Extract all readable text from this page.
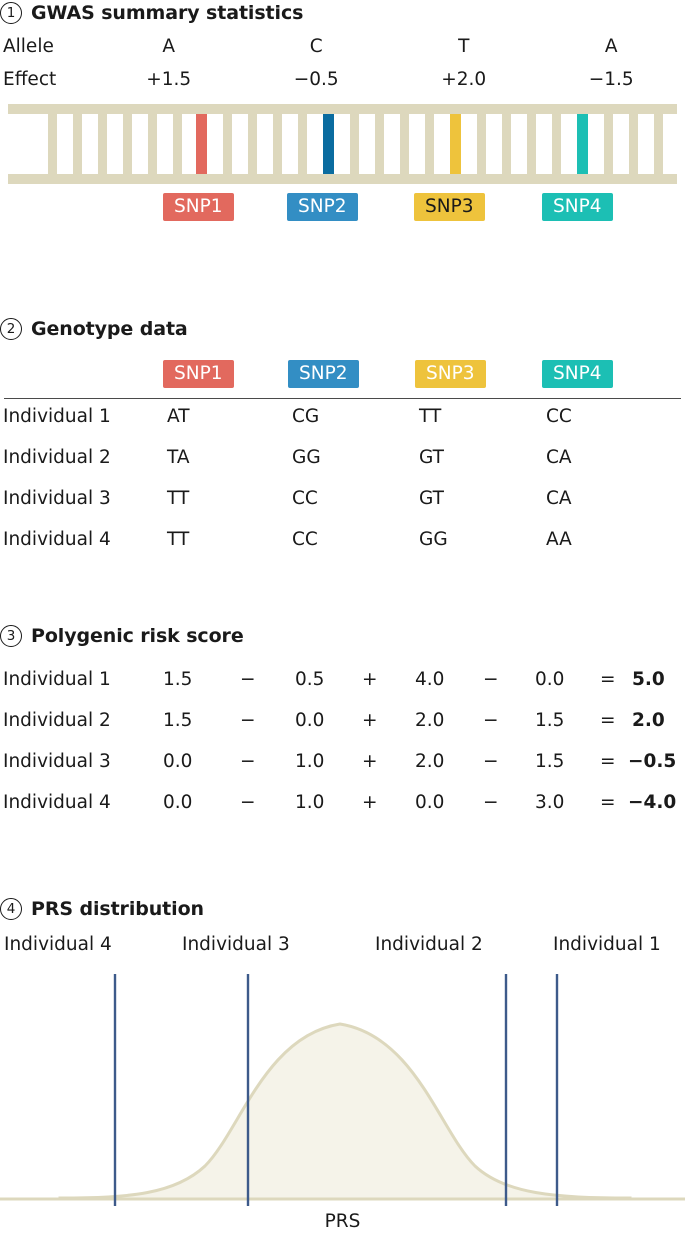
1 GWAS summary statistics
Allele	A	C	T	A
Effect	+1.5	−0.5	+2.0	−1.5
SNP1	SNP2	SNP3	SNP4
2 Genotype data
SNP1	SNP2	SNP3	SNP4
Individual 1	AT	CG	TT	CC
Individual 2	TA	GG	GT	CA
Individual 3	TT	CC	GT	CA
Individual 4	TT	CC	GG	AA
3 Polygenic risk score
Individual 1	1.5	− 0.5 + 4.0 − 0.0 = 5.0
Individual 2	1.5	− 0.0 + 2.0 − 1.5 = 2.0
Individual 3	0.0	− 1.0 + 2.0 − 1.5 = −0.5
Individual 4	0.0	− 1.0 + 0.0 − 3.0 = −4.0
4 PRS distribution
Individual 4	Individual 3	Individual 2	Individual 1
PRS
